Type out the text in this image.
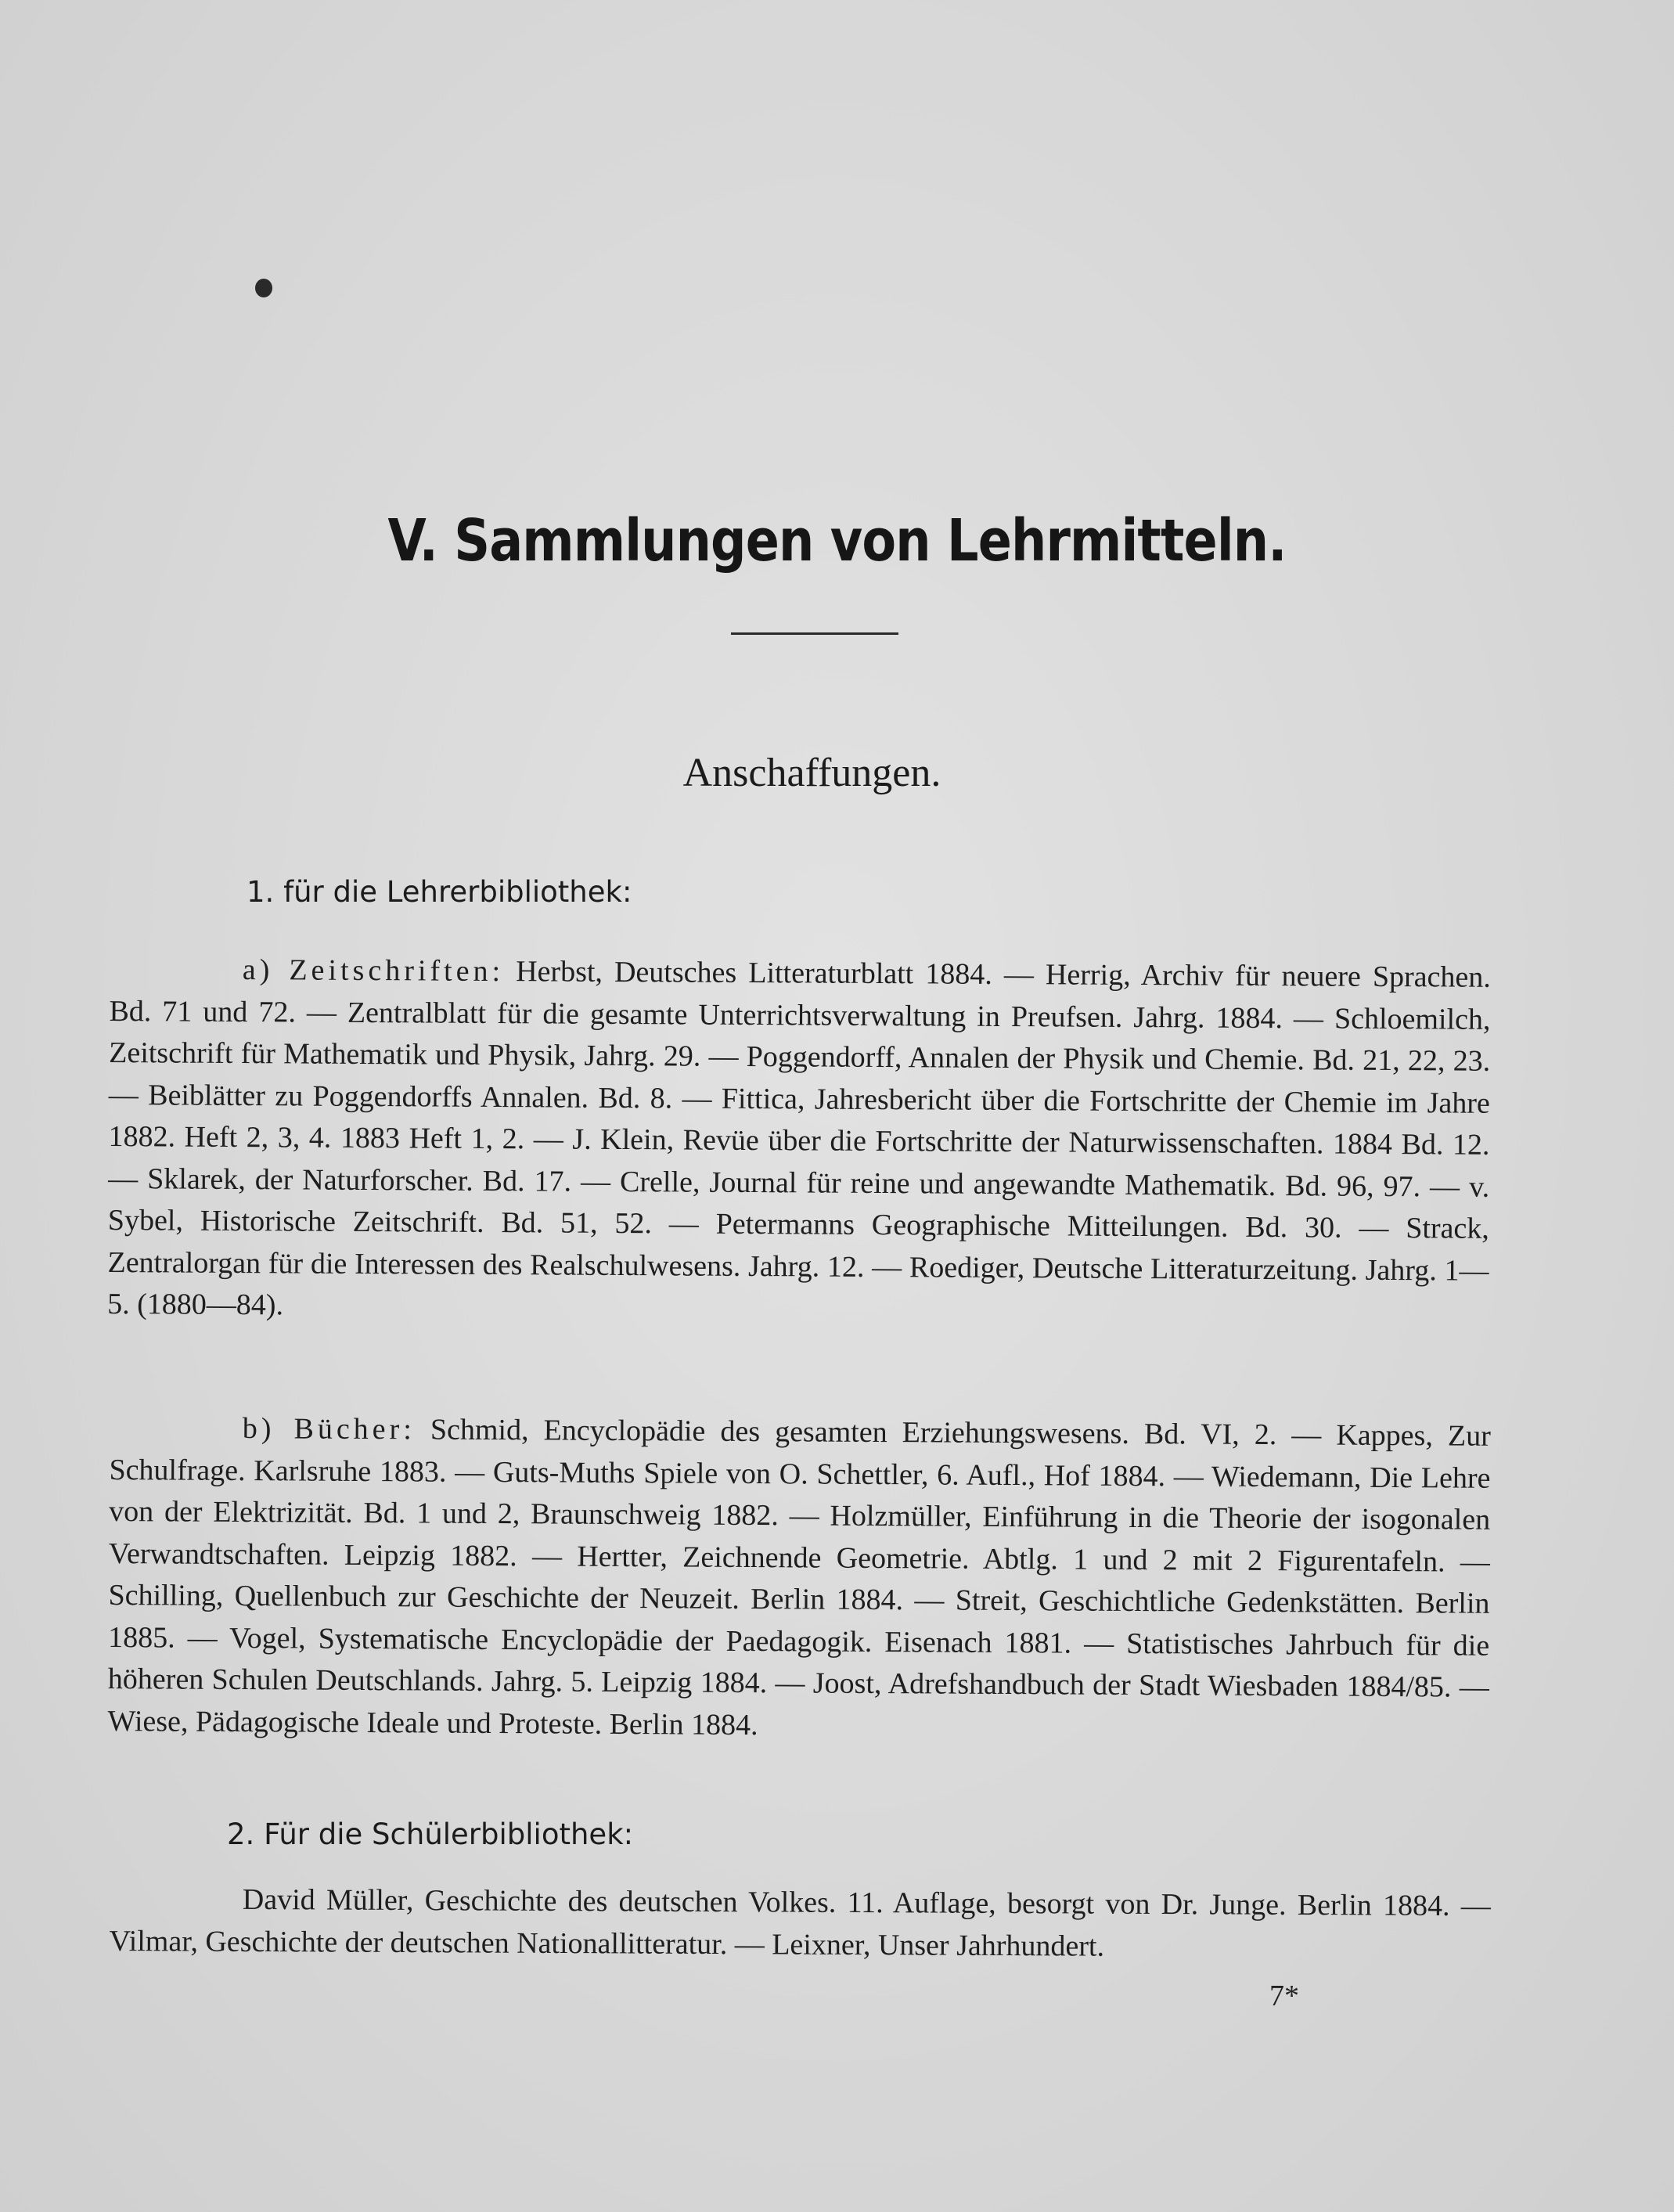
V. Sammlungen von Lehrmitteln.
Anschaffungen.
1. für die Lehrerbibliothek:
a) Zeitschriften: Herbst, Deutsches Litteraturblatt 1884. — Herrig, Archiv für neuere Sprachen. Bd. 71 und 72. — Zentralblatt für die gesamte Unterrichtsverwaltung in Preufsen. Jahrg. 1884. — Schloemilch, Zeitschrift für Mathematik und Physik, Jahrg. 29. — Poggendorff, Annalen der Physik und Chemie. Bd. 21, 22, 23. — Beiblätter zu Poggendorffs Annalen. Bd. 8. — Fittica, Jahresbericht über die Fortschritte der Chemie im Jahre 1882. Heft 2, 3, 4. 1883 Heft 1, 2. — J. Klein, Revüe über die Fortschritte der Naturwissenschaften. 1884 Bd. 12. — Sklarek, der Naturforscher. Bd. 17. — Crelle, Journal für reine und angewandte Mathematik. Bd. 96, 97. — v. Sybel, Historische Zeitschrift. Bd. 51, 52. — Petermanns Geographische Mitteilungen. Bd. 30. — Strack, Zentralorgan für die Interessen des Realschulwesens. Jahrg. 12. — Roediger, Deutsche Litteraturzeitung. Jahrg. 1—5. (1880—84).
b) Bücher: Schmid, Encyclopädie des gesamten Erziehungswesens. Bd. VI, 2. — Kappes, Zur Schulfrage. Karlsruhe 1883. — Guts-Muths Spiele von O. Schettler, 6. Aufl., Hof 1884. — Wiedemann, Die Lehre von der Elektrizität. Bd. 1 und 2, Braunschweig 1882. — Holzmüller, Einführung in die Theorie der isogonalen Verwandtschaften. Leipzig 1882. — Hertter, Zeichnende Geometrie. Abtlg. 1 und 2 mit 2 Figurentafeln. — Schilling, Quellenbuch zur Geschichte der Neuzeit. Berlin 1884. — Streit, Geschichtliche Gedenkstätten. Berlin 1885. — Vogel, Systematische Encyclopädie der Paedagogik. Eisenach 1881. — Statistisches Jahrbuch für die höheren Schulen Deutschlands. Jahrg. 5. Leipzig 1884. — Joost, Adrefshandbuch der Stadt Wiesbaden 1884/85. — Wiese, Pädagogische Ideale und Proteste. Berlin 1884.
2. Für die Schülerbibliothek:
David Müller, Geschichte des deutschen Volkes. 11. Auflage, besorgt von Dr. Junge. Berlin 1884. — Vilmar, Geschichte der deutschen Nationallitteratur. — Leixner, Unser Jahrhundert.
7*
